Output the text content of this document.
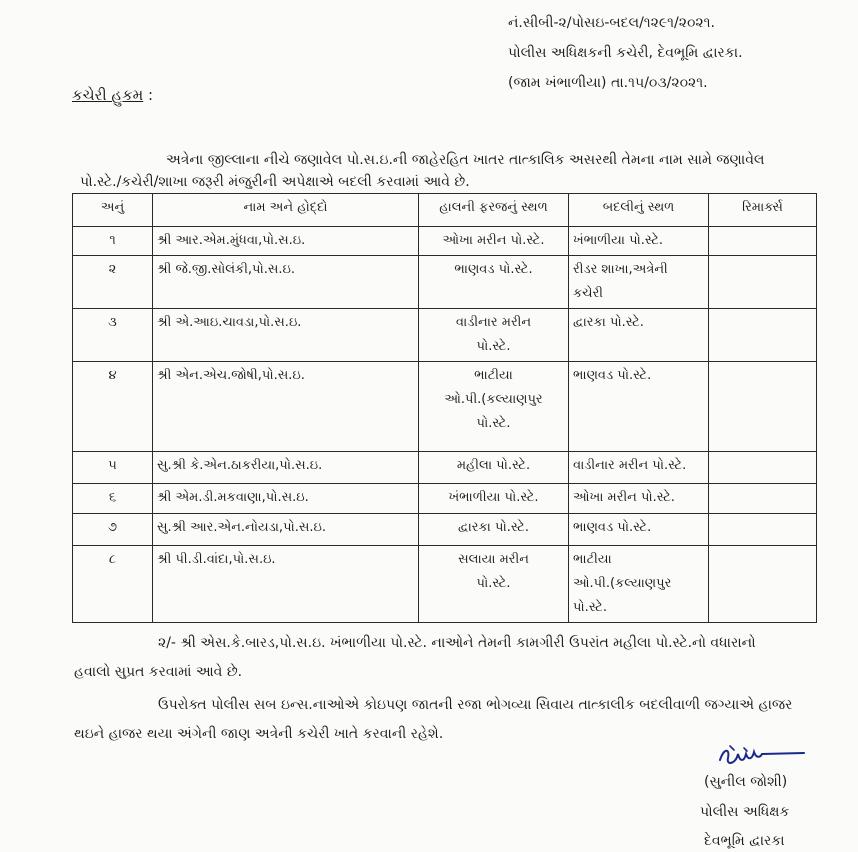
નં.સીબી-૨/પોસઇ-બદલ/૧૨૯૧/૨૦૨૧.
પોલીસ અધિક્ષકની કચેરી, દેવભૂમિ દ્વારકા.
(જામ ખંભાળીયા) તા.૧૫/૦૩/૨૦૨૧.
કચેરી હુકમ :
અત્રેના જીલ્લાના નીચે જણાવેલ પો.સ.ઇ.ની જાહેરહિત ખાતર તાત્કાલિક અસરથી તેમના નામ સામે જણાવેલ
પો.સ્ટે./કચેરી/શાખા જરૂરી મંજુરીની અપેક્ષાએ બદલી કરવામાં આવે છે.
અનું	નામ અને હોદ્દો	હાલની ફરજનું સ્થળ	બદલીનું સ્થળ	રિમાર્ક્સ
૧	શ્રી આર.એમ.મુંધવા,પો.સ.ઇ.	ઓખા મરીન પો.સ્ટે.	ખંભાળીયા પો.સ્ટે.	
૨	શ્રી જે.જી.સોલંકી,પો.સ.ઇ.	ભાણવડ પો.સ્ટે.	રીડર શાખા,અત્રેની
કચેરી	
૩	શ્રી એ.આઇ.ચાવડા,પો.સ.ઇ.	વાડીનાર મરીન
પો.સ્ટે.	દ્વારકા પો.સ્ટે.	
૪	શ્રી એન.એચ.જોષી,પો.સ.ઇ.	ભાટીયા
ઓ.પી.(કલ્યાણપુર
પો.સ્ટે.	ભાણવડ પો.સ્ટે.	
૫	સુ.શ્રી કે.એન.ઠાકરીયા,પો.સ.ઇ.	મહીલા પો.સ્ટે.	વાડીનાર મરીન પો.સ્ટે.	
૬	શ્રી એમ.ડી.મકવાણા,પો.સ.ઇ.	ખંભાળીયા પો.સ્ટે.	ઓખા મરીન પો.સ્ટે.	
૭	સુ.શ્રી આર.એન.નોયડા,પો.સ.ઇ.	દ્વારકા પો.સ્ટે.	ભાણવડ પો.સ્ટે.	
૮	શ્રી પી.ડી.વાંદા,પો.સ.ઇ.	સલાયા મરીન
પો.સ્ટે.	ભાટીયા
ઓ.પી.(કલ્યાણપુર
પો.સ્ટે.	
૨/- શ્રી એસ.કે.બારડ,પો.સ.ઇ. ખંભાળીયા પો.સ્ટે. નાઓને તેમની કામગીરી ઉપરાંત મહીલા પો.સ્ટે.નો વધારાનો
હવાલો સુપ્રત કરવામાં આવે છે.
ઉપરોક્ત પોલીસ સબ ઇન્સ.નાઓએ કોઇપણ જાતની રજા ભોગવ્યા સિવાય તાત્કાલીક બદલીવાળી જગ્યાએ હાજર
થઇને હાજર થયા અંગેની જાણ અત્રેની કચેરી ખાતે કરવાની રહેશે.
(સુનીલ જોશી)
પોલીસ અધિક્ષક
દેવભૂમિ દ્વારકા
